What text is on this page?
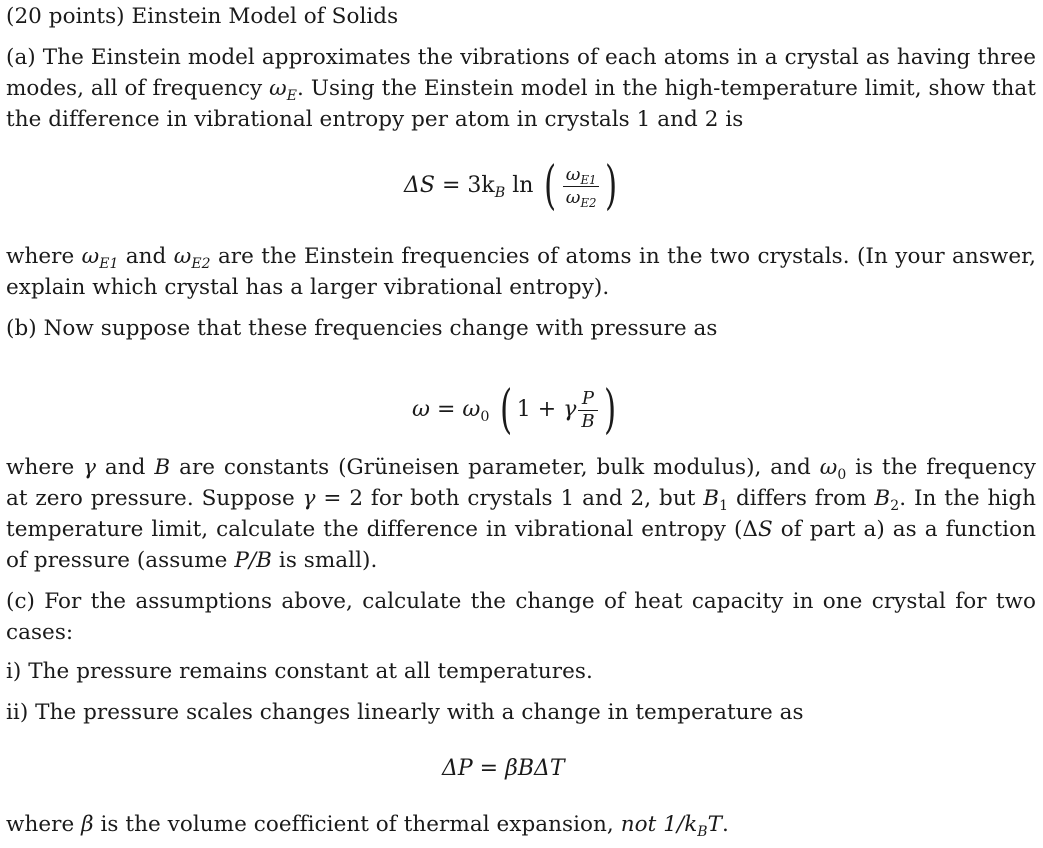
(20 points) Einstein Model of Solids
(a) The Einstein model approximates the vibrations of each atoms in a crystal as having three
modes, all of frequency $\omega_E$. Using the Einstein model in the high-temperature limit, show that
the difference in vibrational entropy per atom in crystals 1 and 2 is
$\Delta S = 3k_B$ ln ( $\frac{\omega_{E1}}{\omega_{E2}}$ )
where $\omega_{E1}$ and $\omega_{E2}$ are the Einstein frequencies of atoms in the two crystals. (In your answer,
explain which crystal has a larger vibrational entropy).
(b) Now suppose that these frequencies change with pressure as
$\omega = \omega_0$ ( 1 + γ $\frac{P}{B}$ )
where γ and B are constants (Grüneisen parameter, bulk modulus), and $\omega_0$ is the frequency
at zero pressure. Suppose γ = 2 for both crystals 1 and 2, but $B_1$ differs from $B_2$. In the high
temperature limit, calculate the difference in vibrational entropy (ΔS of part a) as a function
of pressure (assume P/B is small).
(c) For the assumptions above, calculate the change of heat capacity in one crystal for two
cases:
i) The pressure remains constant at all temperatures.
ii) The pressure scales changes linearly with a change in temperature as
ΔP = βBΔT
where β is the volume coefficient of thermal expansion, not $1/k_BT$.
